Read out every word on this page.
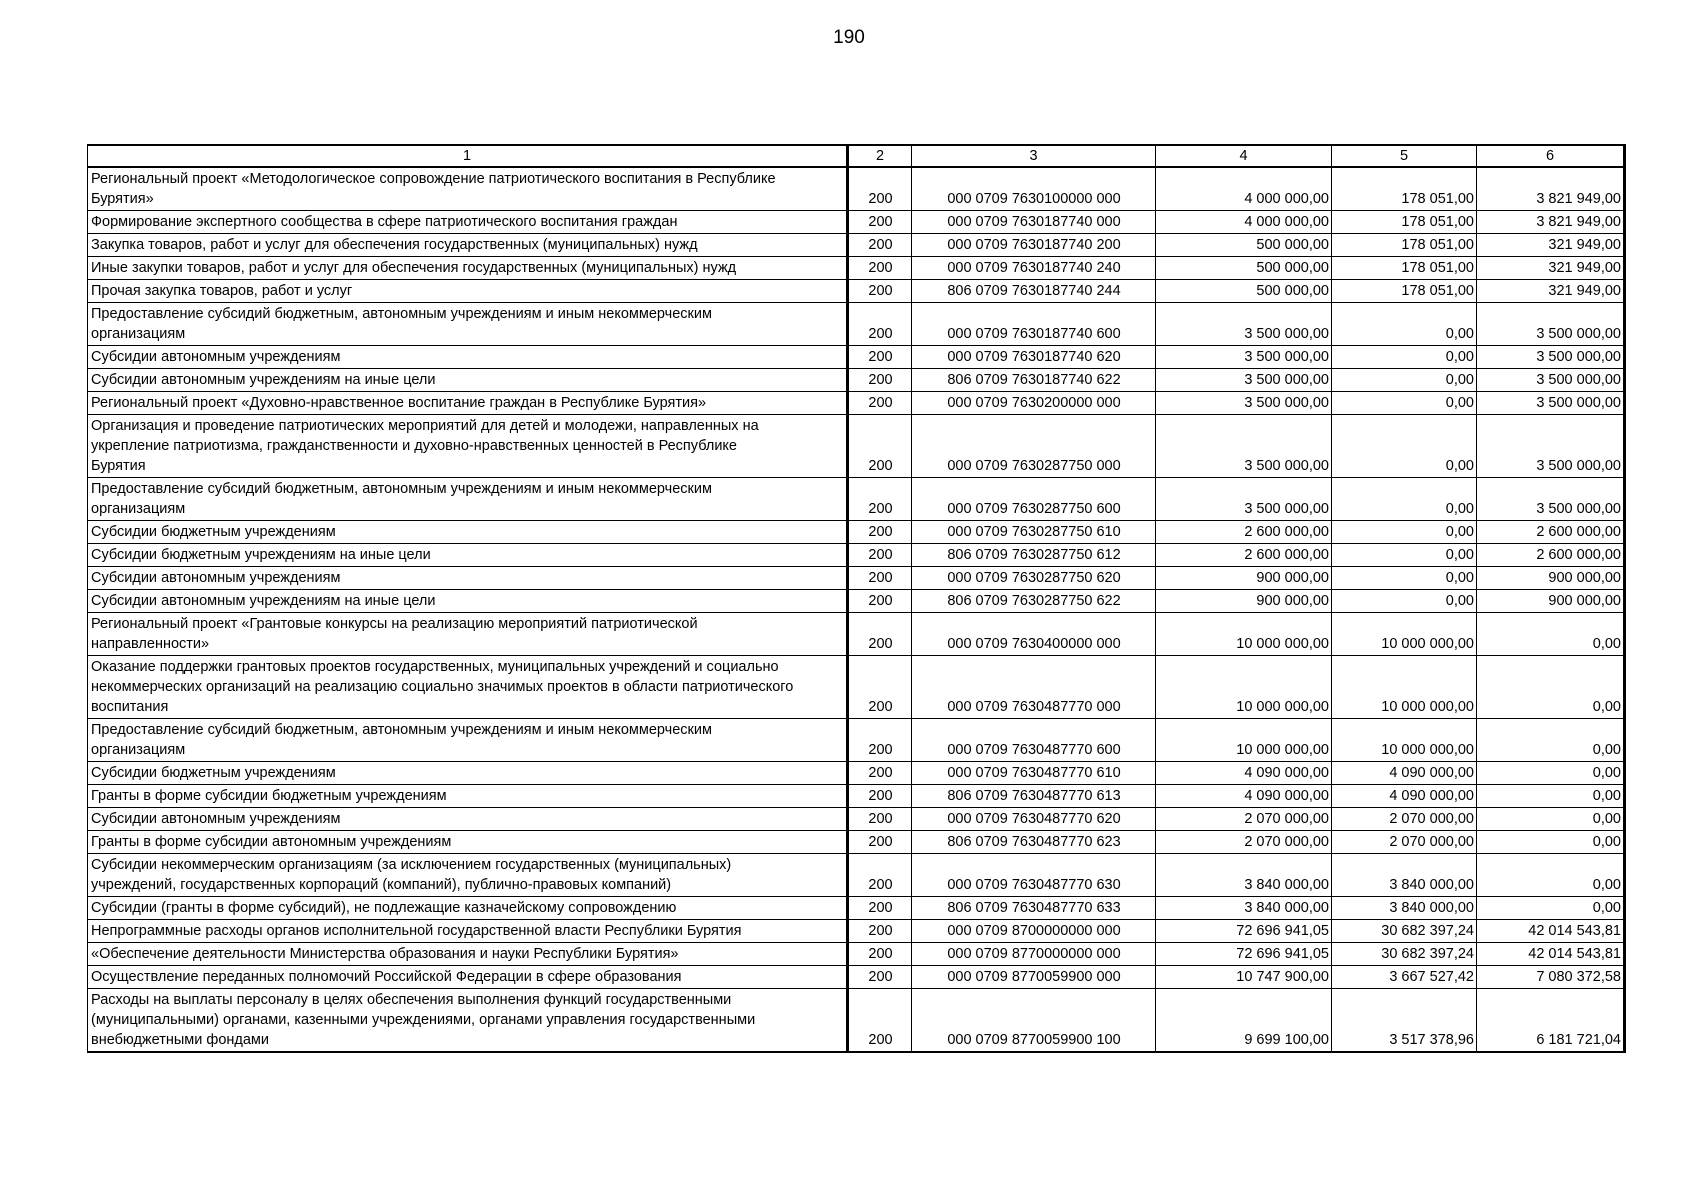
190
1	2	3	4	5	6
Региональный проект «Методологическое сопровождение патриотического воспитания в Республике
Бурятия»	200	000 0709 7630100000 000	4 000 000,00	178 051,00	3 821 949,00
Формирование экспертного сообщества в сфере патриотического воспитания граждан	200	000 0709 7630187740 000	4 000 000,00	178 051,00	3 821 949,00
Закупка товаров, работ и услуг для обеспечения государственных (муниципальных) нужд	200	000 0709 7630187740 200	500 000,00	178 051,00	321 949,00
Иные закупки товаров, работ и услуг для обеспечения государственных (муниципальных) нужд	200	000 0709 7630187740 240	500 000,00	178 051,00	321 949,00
Прочая закупка товаров, работ и услуг	200	806 0709 7630187740 244	500 000,00	178 051,00	321 949,00
Предоставление субсидий бюджетным, автономным учреждениям и иным некоммерческим
организациям	200	000 0709 7630187740 600	3 500 000,00	0,00	3 500 000,00
Субсидии автономным учреждениям	200	000 0709 7630187740 620	3 500 000,00	0,00	3 500 000,00
Субсидии автономным учреждениям на иные цели	200	806 0709 7630187740 622	3 500 000,00	0,00	3 500 000,00
Региональный проект «Духовно-нравственное воспитание граждан в Республике Бурятия»	200	000 0709 7630200000 000	3 500 000,00	0,00	3 500 000,00
Организация и проведение патриотических мероприятий для детей и молодежи, направленных на
укрепление патриотизма, гражданственности и духовно-нравственных ценностей в Республике
Бурятия	200	000 0709 7630287750 000	3 500 000,00	0,00	3 500 000,00
Предоставление субсидий бюджетным, автономным учреждениям и иным некоммерческим
организациям	200	000 0709 7630287750 600	3 500 000,00	0,00	3 500 000,00
Субсидии бюджетным учреждениям	200	000 0709 7630287750 610	2 600 000,00	0,00	2 600 000,00
Субсидии бюджетным учреждениям на иные цели	200	806 0709 7630287750 612	2 600 000,00	0,00	2 600 000,00
Субсидии автономным учреждениям	200	000 0709 7630287750 620	900 000,00	0,00	900 000,00
Субсидии автономным учреждениям на иные цели	200	806 0709 7630287750 622	900 000,00	0,00	900 000,00
Региональный проект «Грантовые конкурсы на реализацию мероприятий патриотической
направленности»	200	000 0709 7630400000 000	10 000 000,00	10 000 000,00	0,00
Оказание поддержки грантовых проектов государственных, муниципальных учреждений и социально
некоммерческих организаций на реализацию социально значимых проектов в области патриотического
воспитания	200	000 0709 7630487770 000	10 000 000,00	10 000 000,00	0,00
Предоставление субсидий бюджетным, автономным учреждениям и иным некоммерческим
организациям	200	000 0709 7630487770 600	10 000 000,00	10 000 000,00	0,00
Субсидии бюджетным учреждениям	200	000 0709 7630487770 610	4 090 000,00	4 090 000,00	0,00
Гранты в форме субсидии бюджетным учреждениям	200	806 0709 7630487770 613	4 090 000,00	4 090 000,00	0,00
Субсидии автономным учреждениям	200	000 0709 7630487770 620	2 070 000,00	2 070 000,00	0,00
Гранты в форме субсидии автономным учреждениям	200	806 0709 7630487770 623	2 070 000,00	2 070 000,00	0,00
Субсидии некоммерческим организациям (за исключением государственных (муниципальных)
учреждений, государственных корпораций (компаний), публично-правовых компаний)	200	000 0709 7630487770 630	3 840 000,00	3 840 000,00	0,00
Субсидии (гранты в форме субсидий), не подлежащие казначейскому сопровождению	200	806 0709 7630487770 633	3 840 000,00	3 840 000,00	0,00
Непрограммные расходы органов исполнительной государственной власти Республики Бурятия	200	000 0709 8700000000 000	72 696 941,05	30 682 397,24	42 014 543,81
«Обеспечение деятельности Министерства образования и науки Республики Бурятия»	200	000 0709 8770000000 000	72 696 941,05	30 682 397,24	42 014 543,81
Осуществление переданных полномочий Российской Федерации в сфере образования	200	000 0709 8770059900 000	10 747 900,00	3 667 527,42	7 080 372,58
Расходы на выплаты персоналу в целях обеспечения выполнения функций государственными
(муниципальными) органами, казенными учреждениями, органами управления государственными
внебюджетными фондами	200	000 0709 8770059900 100	9 699 100,00	3 517 378,96	6 181 721,04
